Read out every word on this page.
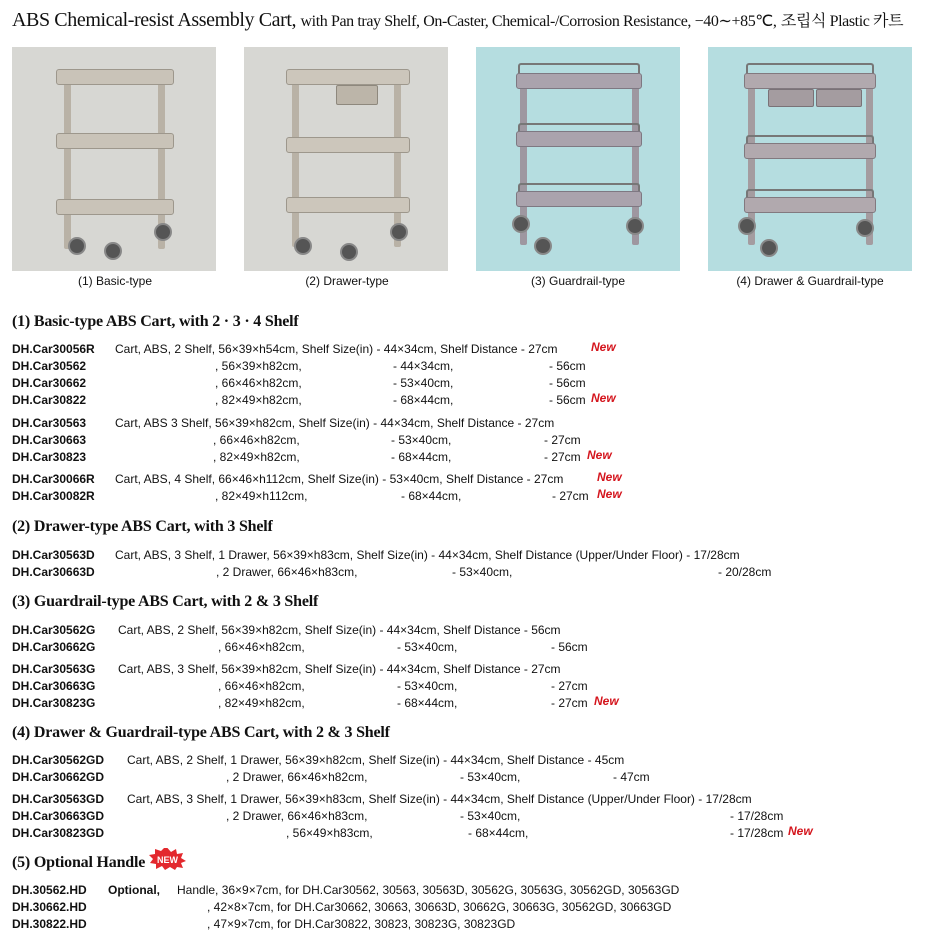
ABS Chemical-resist Assembly Cart, with Pan tray Shelf, On-Caster, Chemical-/Corrosion Resistance, −40∼+85℃, 조립식 Plastic 카트
(1) Basic-type	(2) Drawer-type	(3) Guardrail-type	(4) Drawer & Guardrail-type
(1) Basic-type ABS Cart, with 2 · 3 · 4 Shelf
DH.Car30056R Cart, ABS, 2 Shelf, 56×39×h54cm, Shelf Size(in) - 44×34cm, Shelf Distance - 27cm	New
DH.Car30562	, 56×39×h82cm,	- 44×34cm,	- 56cm
DH.Car30662	, 66×46×h82cm,	- 53×40cm,	- 56cm
DH.Car30822	, 82×49×h82cm,	- 68×44cm,	- 56cm New
DH.Car30563 Cart, ABS 3 Shelf, 56×39×h82cm, Shelf Size(in) - 44×34cm, Shelf Distance - 27cm
DH.Car30663	, 66×46×h82cm,	- 53×40cm,	- 27cm
DH.Car30823	, 82×49×h82cm,	- 68×44cm,	- 27cm New
DH.Car30066R Cart, ABS, 4 Shelf, 66×46×h112cm, Shelf Size(in) - 53×40cm, Shelf Distance - 27cm	New
DH.Car30082R	, 82×49×h112cm,	- 68×44cm,	- 27cm New
(2) Drawer-type ABS Cart, with 3 Shelf
DH.Car30563D Cart, ABS, 3 Shelf, 1 Drawer, 56×39×h83cm, Shelf Size(in) - 44×34cm, Shelf Distance (Upper/Under Floor) - 17/28cm
DH.Car30663D	, 2 Drawer, 66×46×h83cm,	- 53×40cm,	- 20/28cm
(3) Guardrail-type ABS Cart, with 2 & 3 Shelf
DH.Car30562G Cart, ABS, 2 Shelf, 56×39×h82cm, Shelf Size(in) - 44×34cm, Shelf Distance - 56cm
DH.Car30662G	, 66×46×h82cm,	- 53×40cm,	- 56cm
DH.Car30563G Cart, ABS, 3 Shelf, 56×39×h82cm, Shelf Size(in) - 44×34cm, Shelf Distance - 27cm
DH.Car30663G	, 66×46×h82cm,	- 53×40cm,	- 27cm
DH.Car30823G	, 82×49×h82cm,	- 68×44cm,	- 27cm New
(4) Drawer & Guardrail-type ABS Cart, with 2 & 3 Shelf
DH.Car30562GD Cart, ABS, 2 Shelf, 1 Drawer, 56×39×h82cm, Shelf Size(in) - 44×34cm, Shelf Distance - 45cm
DH.Car30662GD	, 2 Drawer, 66×46×h82cm,	- 53×40cm,	- 47cm
DH.Car30563GD Cart, ABS, 3 Shelf, 1 Drawer, 56×39×h83cm, Shelf Size(in) - 44×34cm, Shelf Distance (Upper/Under Floor) - 17/28cm
DH.Car30663GD	, 2 Drawer, 66×46×h83cm,	- 53×40cm,	- 17/28cm
DH.Car30823GD	, 56×49×h83cm,	- 68×44cm,	- 17/28cm New
(5) Optional Handle NEW
DH.30562.HD Optional, Handle, 36×9×7cm, for DH.Car30562, 30563, 30563D, 30562G, 30563G, 30562GD, 30563GD
DH.30662.HD	, 42×8×7cm, for DH.Car30662, 30663, 30663D, 30662G, 30663G, 30562GD, 30663GD
DH.30822.HD	, 47×9×7cm, for DH.Car30822, 30823, 30823G, 30823GD
